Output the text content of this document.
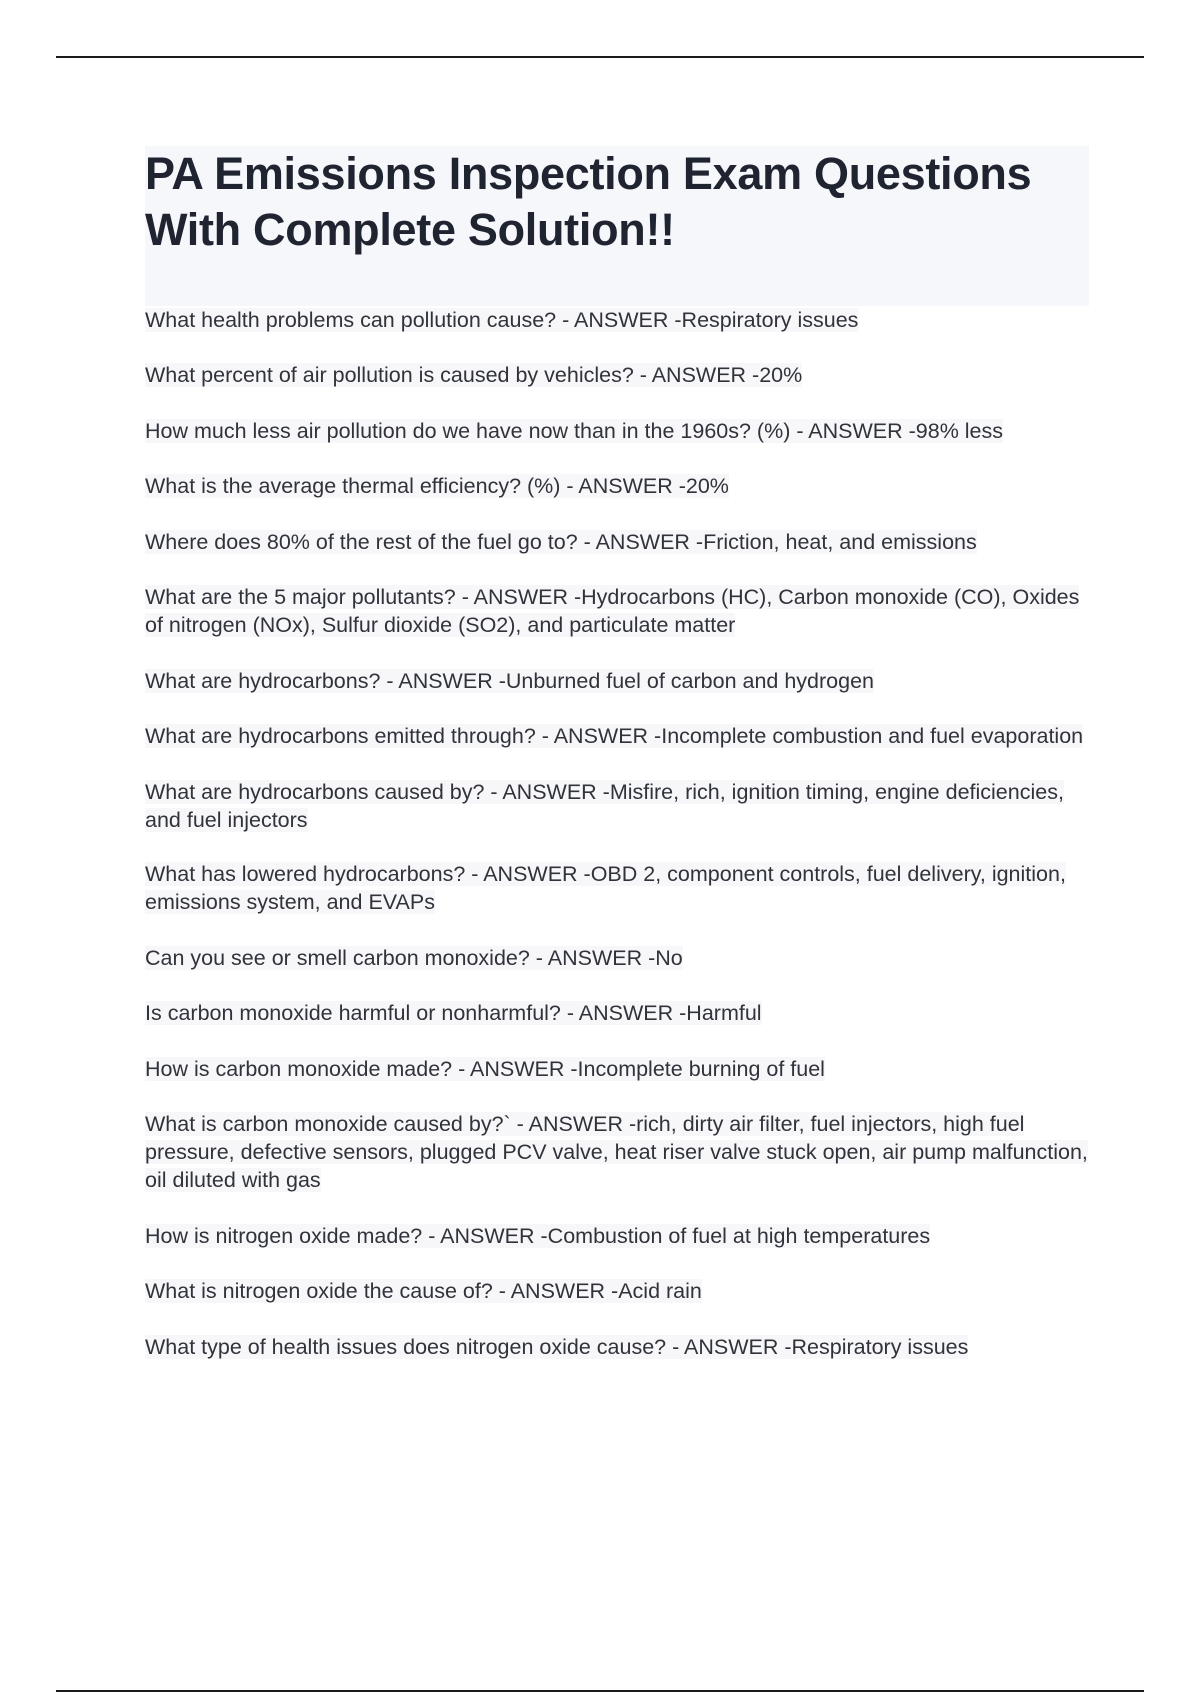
PA Emissions Inspection Exam Questions With Complete Solution!!
What health problems can pollution cause? - ANSWER -Respiratory issues
What percent of air pollution is caused by vehicles? - ANSWER -20%
How much less air pollution do we have now than in the 1960s? (%) - ANSWER -98% less
What is the average thermal efficiency? (%) - ANSWER -20%
Where does 80% of the rest of the fuel go to? - ANSWER -Friction, heat, and emissions
What are the 5 major pollutants? - ANSWER -Hydrocarbons (HC), Carbon monoxide (CO), Oxides of nitrogen (NOx), Sulfur dioxide (SO2), and particulate matter
What are hydrocarbons? - ANSWER -Unburned fuel of carbon and hydrogen
What are hydrocarbons emitted through? - ANSWER -Incomplete combustion and fuel evaporation
What are hydrocarbons caused by? - ANSWER -Misfire, rich, ignition timing, engine deficiencies, and fuel injectors
What has lowered hydrocarbons? - ANSWER -OBD 2, component controls, fuel delivery, ignition, emissions system, and EVAPs
Can you see or smell carbon monoxide? - ANSWER -No
Is carbon monoxide harmful or nonharmful? - ANSWER -Harmful
How is carbon monoxide made? - ANSWER -Incomplete burning of fuel
What is carbon monoxide caused by?` - ANSWER -rich, dirty air filter, fuel injectors, high fuel pressure, defective sensors, plugged PCV valve, heat riser valve stuck open, air pump malfunction, oil diluted with gas
How is nitrogen oxide made? - ANSWER -Combustion of fuel at high temperatures
What is nitrogen oxide the cause of? - ANSWER -Acid rain
What type of health issues does nitrogen oxide cause? - ANSWER -Respiratory issues
